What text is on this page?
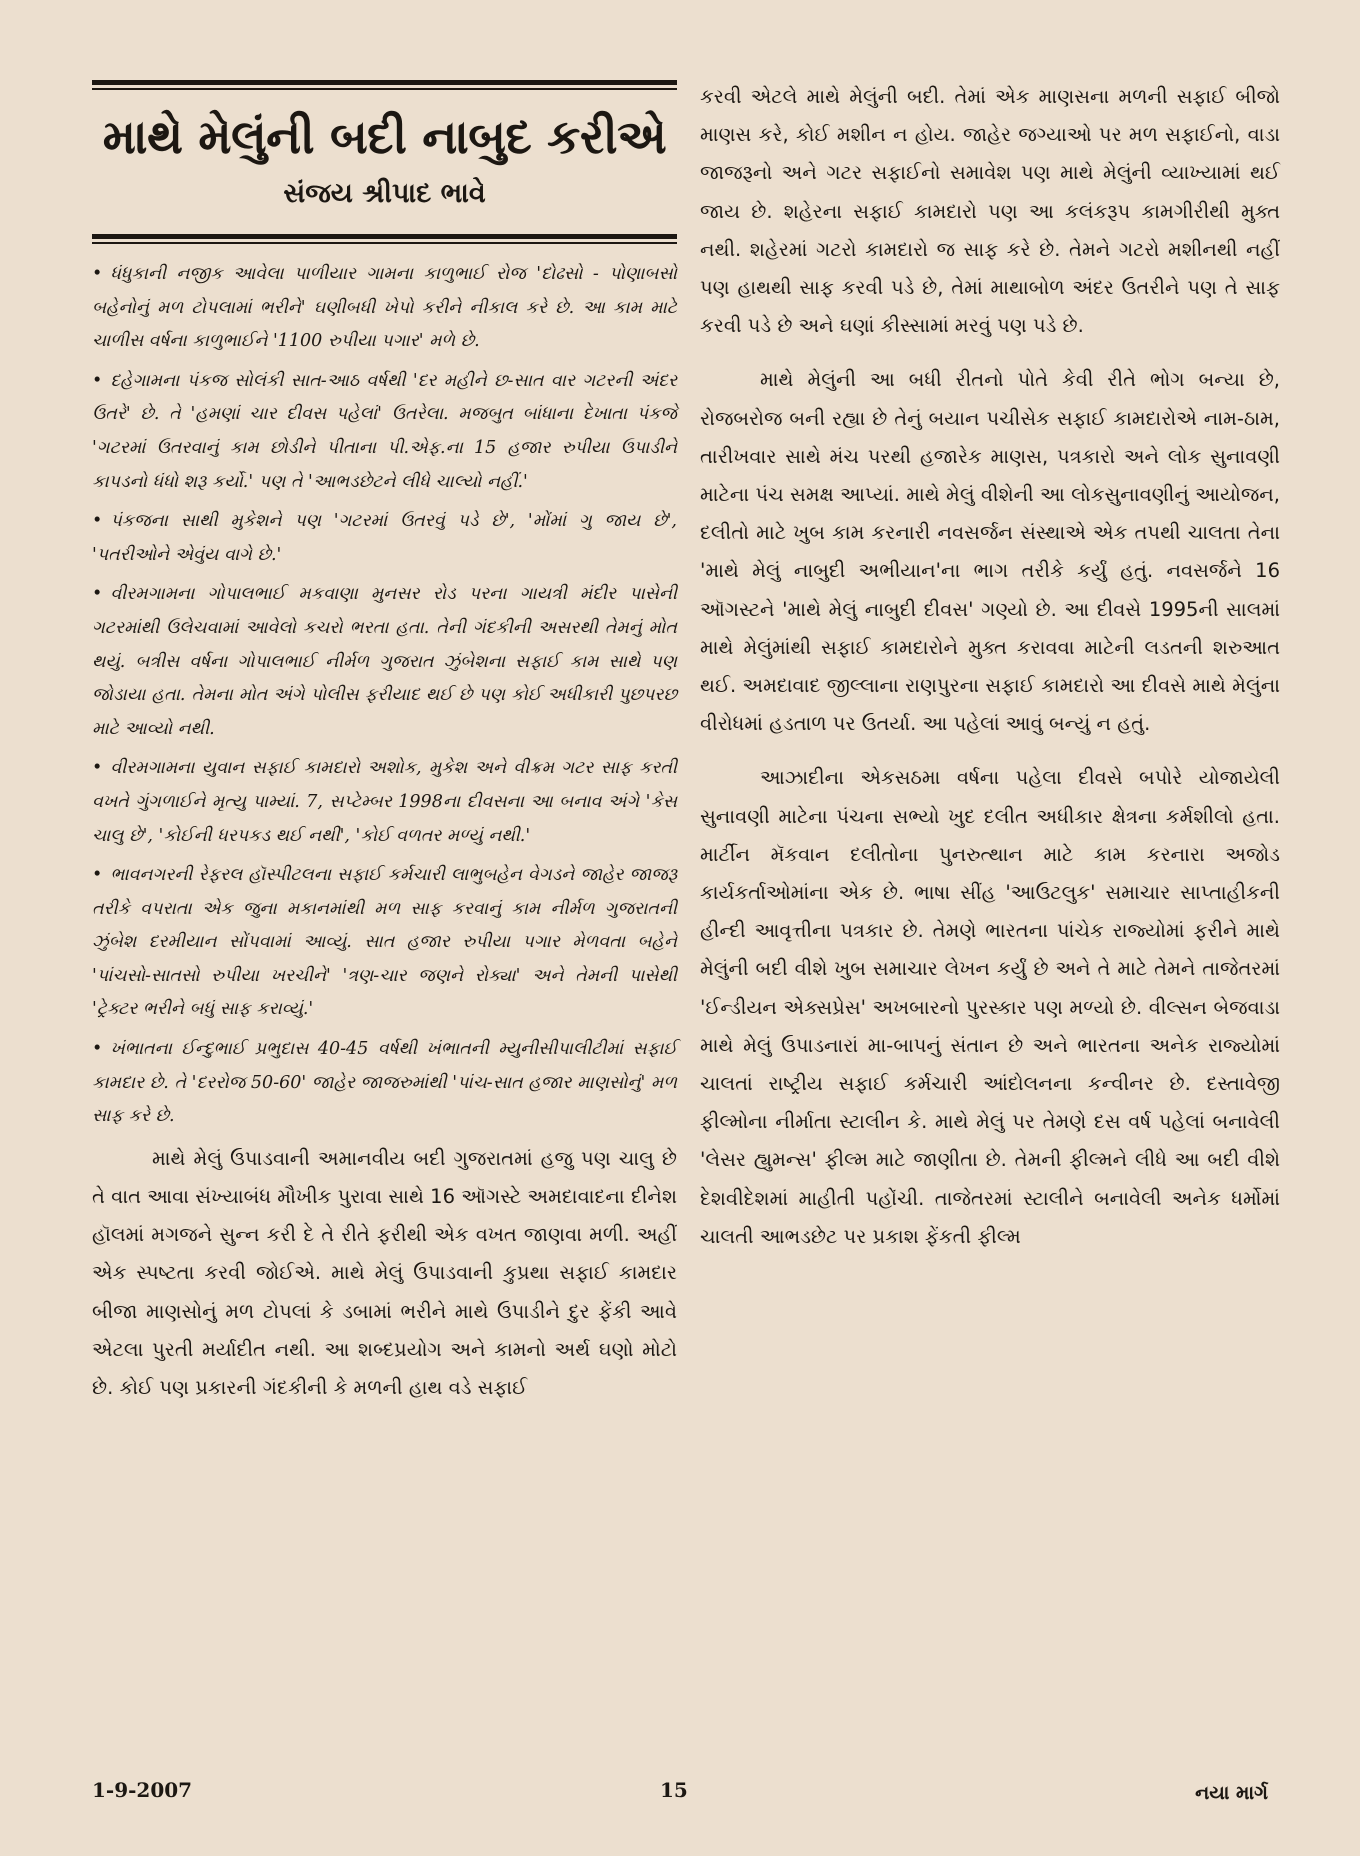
માથે મેલુંની બદી નાબુદ કરીએ
સંજય શ્રીપાદ ભાવે

• ધંધુકાની નજીક આવેલા પાળીયાર ગામના કાળુભાઈ રોજ 'દોઢસો - પોણાબસો બહેનોનું મળ ટોપલામાં ભરીને' ઘણીબધી ખેપો કરીને નીકાલ કરે છે. આ કામ માટે ચાળીસ વર્ષના કાળુભાઈને '1100 રુપીયા પગાર' મળે છે.

• દહેગામના પંકજ સોલંકી સાત-આઠ વર્ષથી 'દર મહીને છ-સાત વાર ગટરની અંદર ઉતરે' છે. તે 'હમણાં ચાર દીવસ પહેલાં' ઉતરેલા. મજબુત બાંધાના દેખાતા પંકજે 'ગટરમાં ઉતરવાનું કામ છોડીને પીતાના પી.એફ.ના 15 હજાર રુપીયા ઉપાડીને કાપડનો ધંધો શરૂ કર્યો.' પણ તે 'આભડછેટને લીધે ચાલ્યો નહીં.'

• પંકજના સાથી મુકેશને પણ 'ગટરમાં ઉતરવું પડે છે', 'મોંમાં ગુ જાય છે', 'પતરીઓને એવુંય વાગે છે.'

• વીરમગામના ગોપાલભાઈ મકવાણા મુનસર રોડ પરના ગાયત્રી મંદીર પાસેની ગટરમાંથી ઉલેચવામાં આવેલો કચરો ભરતા હતા. તેની ગંદકીની અસરથી તેમનું મોત થયું. બત્રીસ વર્ષના ગોપાલભાઈ નીર્મળ ગુજરાત ઝુંબેશના સફાઈ કામ સાથે પણ જોડાયા હતા. તેમના મોત અંગે પોલીસ ફરીયાદ થઈ છે પણ કોઈ અધીકારી પુછપરછ માટે આવ્યો નથી.

• વીરમગામના યુવાન સફાઈ કામદારો અશોક, મુકેશ અને વીક્રમ ગટર સાફ કરતી વખતે ગુંગળાઈને મૃત્યુ પામ્યાં. 7, સપ્ટેમ્બર 1998ના દીવસના આ બનાવ અંગે 'કેસ ચાલુ છે', 'કોઈની ધરપકડ થઈ નથી', 'કોઈ વળતર મળ્યું નથી.'

• ભાવનગરની રેફરલ હૉસ્પીટલના સફાઈ કર્મચારી લાભુબહેન વેગડને જાહેર જાજરૂ તરીકે વપરાતા એક જુના મકાનમાંથી મળ સાફ કરવાનું કામ નીર્મળ ગુજરાતની ઝુંબેશ દરમીયાન સોંપવામાં આવ્યું. સાત હજાર રુપીયા પગાર મેળવતા બહેને 'પાંચસો-સાતસો રુપીયા ખરચીને' 'ત્રણ-ચાર જણને રોક્યા' અને તેમની પાસેથી 'ટ્રેક્ટર ભરીને બધું સાફ કરાવ્યું.'

• ખંભાતના ઈન્દુભાઈ પ્રભુદાસ 40-45 વર્ષથી ખંભાતની મ્યુનીસીપાલીટીમાં સફાઈ કામદાર છે. તે 'દરરોજ 50-60' જાહેર જાજરુમાંથી 'પાંચ-સાત હજાર માણસોનું' મળ સાફ કરે છે.

માથે મેલું ઉપાડવાની અમાનવીય બદી ગુજરાતમાં હજુ પણ ચાલુ છે તે વાત આવા સંખ્યાબંધ મૌખીક પુરાવા સાથે 16 ઑગસ્ટે અમદાવાદના દીનેશ હૉલમાં મગજને સુન્ન કરી દે તે રીતે ફરીથી એક વખત જાણવા મળી. અહીં એક સ્પષ્ટતા કરવી જોઈએ. માથે મેલું ઉપાડવાની કુપ્રથા સફાઈ કામદાર બીજા માણસોનું મળ ટોપલાં કે ડબામાં ભરીને માથે ઉપાડીને દુર ફેંકી આવે એટલા પુરતી મર્યાદીત નથી. આ શબ્દપ્રયોગ અને કામનો અર્થ ઘણો મોટો છે. કોઈ પણ પ્રકારની ગંદકીની કે મળની હાથ વડે સફાઈ

કરવી એટલે માથે મેલુંની બદી. તેમાં એક માણસના મળની સફાઈ બીજો માણસ કરે, કોઈ મશીન ન હોય. જાહેર જગ્યાઓ પર મળ સફાઈનો, વાડા જાજરૂનો અને ગટર સફાઈનો સમાવેશ પણ માથે મેલુંની વ્યાખ્યામાં થઈ જાય છે. શહેરના સફાઈ કામદારો પણ આ કલંકરૂપ કામગીરીથી મુક્ત નથી. શહેરમાં ગટરો કામદારો જ સાફ કરે છે. તેમને ગટરો મશીનથી નહીં પણ હાથથી સાફ કરવી પડે છે, તેમાં માથાબોળ અંદર ઉતરીને પણ તે સાફ કરવી પડે છે અને ઘણાં કીસ્સામાં મરવું પણ પડે છે.

માથે મેલુંની આ બધી રીતનો પોતે કેવી રીતે ભોગ બન્યા છે, રોજબરોજ બની રહ્યા છે તેનું બયાન પચીસેક સફાઈ કામદારોએ નામ-ઠામ, તારીખવાર સાથે મંચ પરથી હજારેક માણસ, પત્રકારો અને લોક સુનાવણી માટેના પંચ સમક્ષ આપ્યાં. માથે મેલું વીશેની આ લોકસુનાવણીનું આયોજન, દલીતો માટે ખુબ કામ કરનારી નવસર્જન સંસ્થાએ એક તપથી ચાલતા તેના 'માથે મેલું નાબુદી અભીયાન'ના ભાગ તરીકે કર્યું હતું. નવસર્જને 16 ઑગસ્ટને 'માથે મેલું નાબુદી દીવસ' ગણ્યો છે. આ દીવસે 1995ની સાલમાં માથે મેલુંમાંથી સફાઈ કામદારોને મુક્ત કરાવવા માટેની લડતની શરુઆત થઈ. અમદાવાદ જીલ્લાના રાણપુરના સફાઈ કામદારો આ દીવસે માથે મેલુંના વીરોધમાં હડતાળ પર ઉતર્યા. આ પહેલાં આવું બન્યું ન હતું.

આઝાદીના એકસઠમા વર્ષના પહેલા દીવસે બપોરે યોજાયેલી સુનાવણી માટેના પંચના સભ્યો ખુદ દલીત અધીકાર ક્ષેત્રના કર્મશીલો હતા. માર્ટીન મૅકવાન દલીતોના પુનરુત્થાન માટે કામ કરનારા અજોડ કાર્યકર્તાઓમાંના એક છે. ભાષા સીંહ 'આઉટલુક' સમાચાર સાપ્તાહીકની હીન્દી આવૃત્તીના પત્રકાર છે. તેમણે ભારતના પાંચેક રાજ્યોમાં ફરીને માથે મેલુંની બદી વીશે ખુબ સમાચાર લેખન કર્યું છે અને તે માટે તેમને તાજેતરમાં 'ઈન્ડીયન એક્સપ્રેસ' અખબારનો પુરસ્કાર પણ મળ્યો છે. વીલ્સન બેજવાડા માથે મેલું ઉપાડનારાં મા-બાપનું સંતાન છે અને ભારતના અનેક રાજ્યોમાં ચાલતાં રાષ્ટ્રીય સફાઈ કર્મચારી આંદોલનના કન્વીનર છે. દસ્તાવેજી ફીલ્મોના નીર્માતા સ્ટાલીન કે. માથે મેલું પર તેમણે દસ વર્ષ પહેલાં બનાવેલી 'લેસર હ્યુમન્સ' ફીલ્મ માટે જાણીતા છે. તેમની ફીલ્મને લીધે આ બદી વીશે દેશવીદેશમાં માહીતી પહોંચી. તાજેતરમાં સ્ટાલીને બનાવેલી અનેક ધર્મોમાં ચાલતી આભડછેટ પર પ્રકાશ ફેંકતી ફીલ્મ

1-9-2007	15	નયા માર્ગ
